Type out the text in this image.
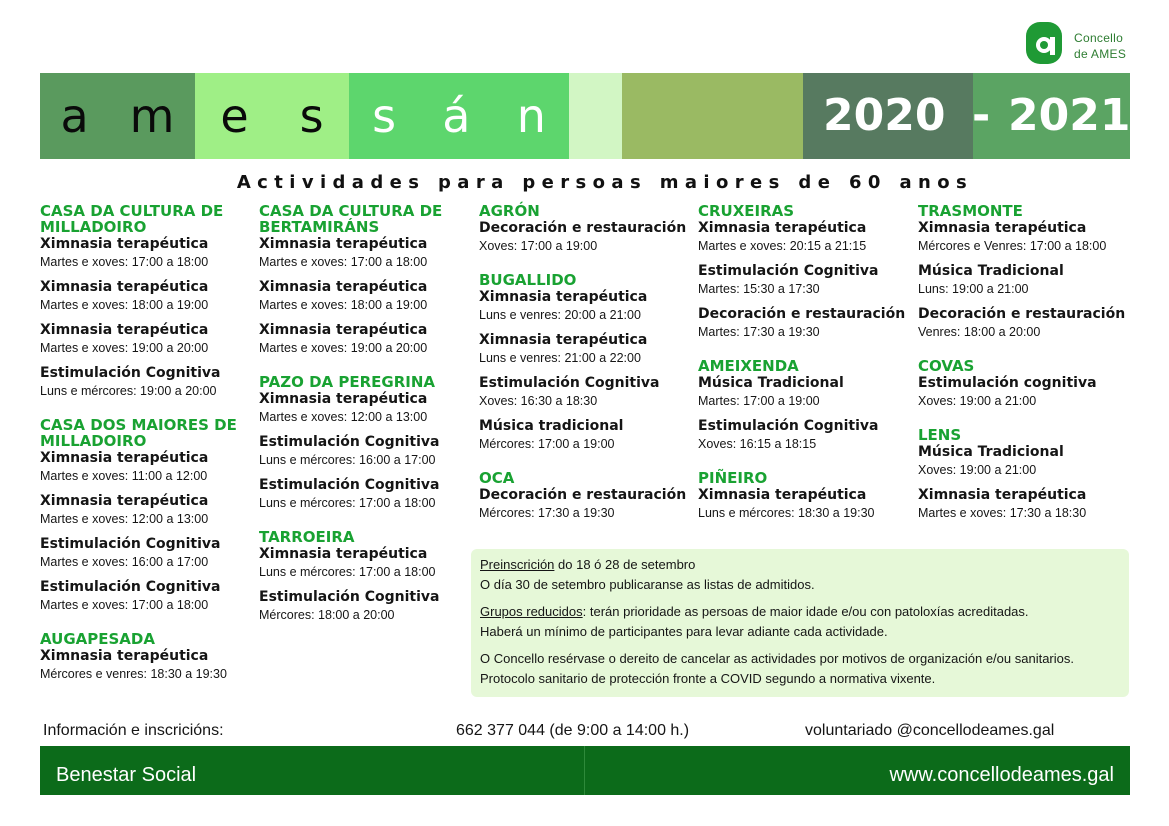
Concello
de AMES
a m e s s á n	2020 - 2021
Actividades para persoas maiores de 60 anos
CASA DA CULTURA DE MILLADOIRO
Ximnasia terapéutica
Martes e xoves: 17:00 a 18:00
Ximnasia terapéutica
Martes e xoves: 18:00 a 19:00
Ximnasia terapéutica
Martes e xoves: 19:00 a 20:00
Estimulación Cognitiva
Luns e mércores: 19:00 a 20:00
CASA DOS MAIORES DE MILLADOIRO
Ximnasia terapéutica
Martes e xoves: 11:00 a 12:00
Ximnasia terapéutica
Martes e xoves: 12:00 a 13:00
Estimulación Cognitiva
Martes e xoves: 16:00 a 17:00
Estimulación Cognitiva
Martes e xoves: 17:00 a 18:00
AUGAPESADA
Ximnasia terapéutica
Mércores e venres: 18:30 a 19:30
CASA DA CULTURA DE BERTAMIRÁNS
Ximnasia terapéutica
Martes e xoves: 17:00 a 18:00
Ximnasia terapéutica
Martes e xoves: 18:00 a 19:00
Ximnasia terapéutica
Martes e xoves: 19:00 a 20:00
PAZO DA PEREGRINA
Ximnasia terapéutica
Martes e xoves: 12:00 a 13:00
Estimulación Cognitiva
Luns e mércores: 16:00 a 17:00
Estimulación Cognitiva
Luns e mércores: 17:00 a 18:00
TARROEIRA
Ximnasia terapéutica
Luns e mércores: 17:00 a 18:00
Estimulación Cognitiva
Mércores: 18:00 a 20:00
AGRÓN
Decoración e restauración
Xoves: 17:00 a 19:00
BUGALLIDO
Ximnasia terapéutica
Luns e venres: 20:00 a 21:00
Ximnasia terapéutica
Luns e venres: 21:00 a 22:00
Estimulación Cognitiva
Xoves: 16:30 a 18:30
Música tradicional
Mércores: 17:00 a 19:00
OCA
Decoración e restauración
Mércores: 17:30 a 19:30
CRUXEIRAS
Ximnasia terapéutica
Martes e xoves: 20:15 a 21:15
Estimulación Cognitiva
Martes: 15:30 a 17:30
Decoración e restauración
Martes: 17:30 a 19:30
AMEIXENDA
Música Tradicional
Martes: 17:00 a 19:00
Estimulación Cognitiva
Xoves: 16:15 a 18:15
PIÑEIRO
Ximnasia terapéutica
Luns e mércores: 18:30 a 19:30
TRASMONTE
Ximnasia terapéutica
Mércores e Venres: 17:00 a 18:00
Música Tradicional
Luns: 19:00 a 21:00
Decoración e restauración
Venres: 18:00 a 20:00
COVAS
Estimulación cognitiva
Xoves: 19:00 a 21:00
LENS
Música Tradicional
Xoves: 19:00 a 21:00
Ximnasia terapéutica
Martes e xoves: 17:30 a 18:30

Preinscrición do 18 ó 28 de setembro

O día 30 de setembro publicaranse as listas de admitidos.

Grupos reducidos: terán prioridade as persoas de maior idade e/ou con patoloxías acreditadas.

Haberá un mínimo de participantes para levar adiante cada actividade.

O Concello resérvase o dereito de cancelar as actividades por motivos de organización e/ou sanitarios.

Protocolo sanitario de protección fronte a COVID segundo a normativa vixente.

Información e inscricións:	662 377 044 (de 9:00 a 14:00 h.)	voluntariado @concellodeames.gal
Benestar Social	www.concellodeames.gal
